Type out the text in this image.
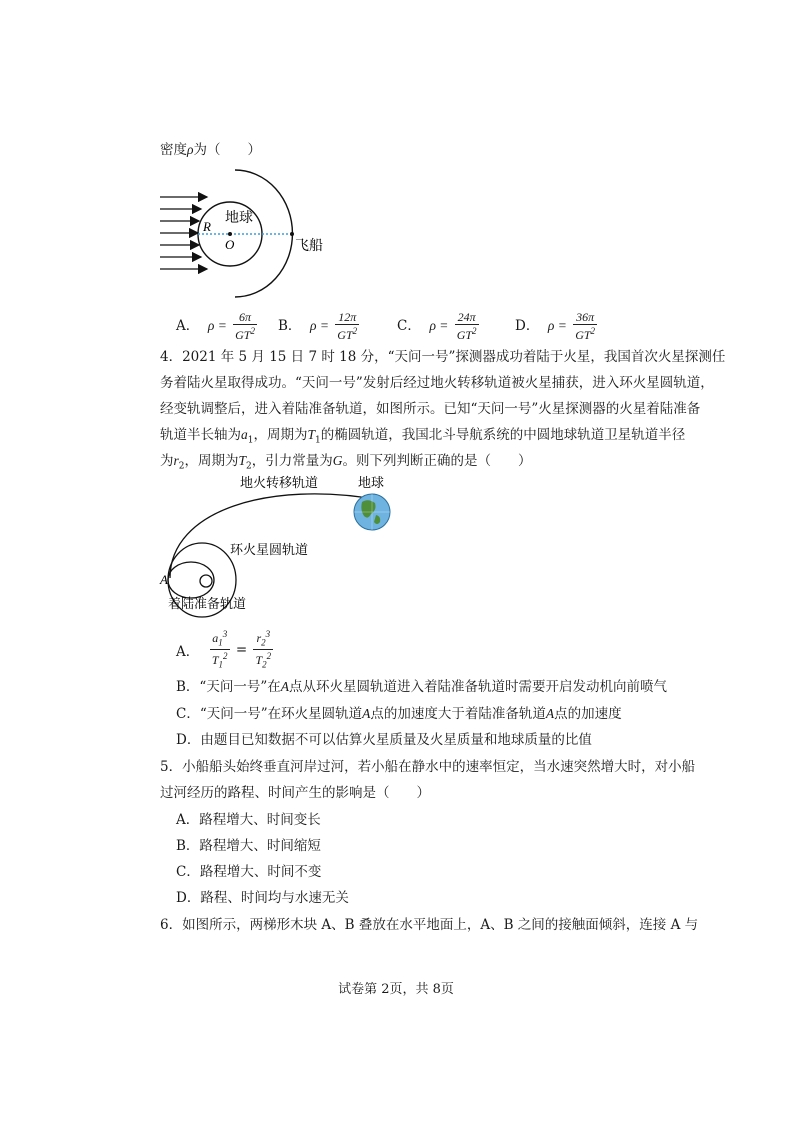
密度ρ为（　　）
地球
R
O	飞船
A． $\rho = \frac{6\pi}{GT^2}$ B． $\rho = \frac{12\pi}{GT^2}$	C． $\rho = \frac{24\pi}{GT^2}$	D． $\rho = \frac{36\pi}{GT^2}$
4．2021 年 5 月 15 日 7 时 18 分，“天问一号”探测器成功着陆于火星，我国首次火星探测任
务着陆火星取得成功。“天问一号”发射后经过地火转移轨道被火星捕获，进入环火星圆轨道，
经变轨调整后，进入着陆准备轨道，如图所示。已知“天问一号”火星探测器的火星着陆准备
轨道半长轴为$a_1$，周期为$T_1$的椭圆轨道，我国北斗导航系统的中圆地球轨道卫星轨道半径
为$r_2$，周期为$T_2$，引力常量为G。则下列判断正确的是（　　）
地火转移轨道	地球
环火星圆轨道
A
着陆准备轨道
A． $\frac{a_1^3}{T_1^2} = \frac{r_2^3}{T_2^2}$
B．“天问一号”在A点从环火星圆轨道进入着陆准备轨道时需要开启发动机向前喷气
C．“天问一号”在环火星圆轨道A点的加速度大于着陆准备轨道A点的加速度
D．由题目已知数据不可以估算火星质量及火星质量和地球质量的比值
5．小船船头始终垂直河岸过河，若小船在静水中的速率恒定，当水速突然增大时，对小船
过河经历的路程、时间产生的影响是（　　）
A．路程增大、时间变长
B．路程增大、时间缩短
C．路程增大、时间不变
D．路程、时间均与水速无关
6．如图所示，两梯形木块 A、B 叠放在水平地面上，A、B 之间的接触面倾斜，连接 A 与
试卷第 2页，共 8页
